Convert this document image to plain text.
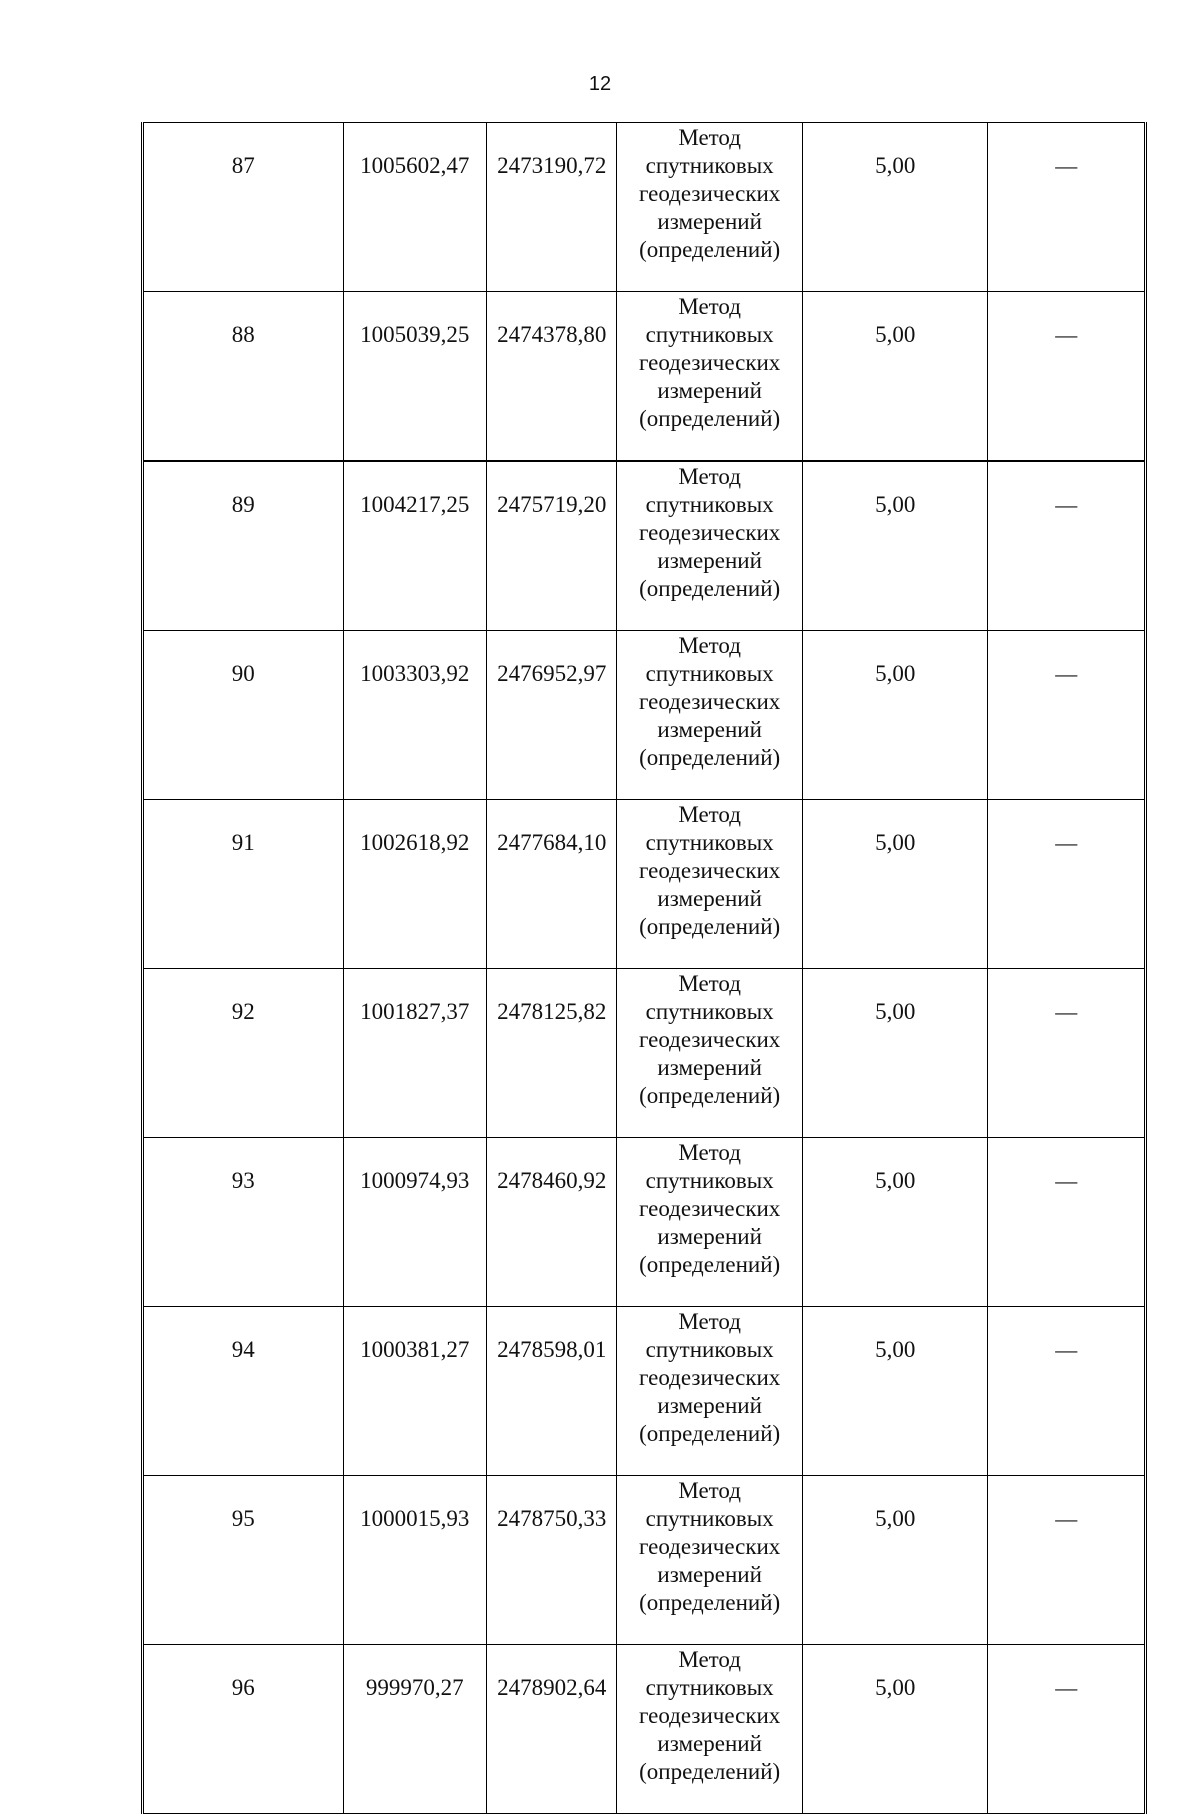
12
87	1005602,47	2473190,72	Метод
спутниковых
геодезических
измерений
(определений)	5,00	—
88	1005039,25	2474378,80	Метод
спутниковых
геодезических
измерений
(определений)	5,00	—
89	1004217,25	2475719,20	Метод
спутниковых
геодезических
измерений
(определений)	5,00	—
90	1003303,92	2476952,97	Метод
спутниковых
геодезических
измерений
(определений)	5,00	—
91	1002618,92	2477684,10	Метод
спутниковых
геодезических
измерений
(определений)	5,00	—
92	1001827,37	2478125,82	Метод
спутниковых
геодезических
измерений
(определений)	5,00	—
93	1000974,93	2478460,92	Метод
спутниковых
геодезических
измерений
(определений)	5,00	—
94	1000381,27	2478598,01	Метод
спутниковых
геодезических
измерений
(определений)	5,00	—
95	1000015,93	2478750,33	Метод
спутниковых
геодезических
измерений
(определений)	5,00	—
96	999970,27	2478902,64	Метод
спутниковых
геодезических
измерений
(определений)	5,00	—
